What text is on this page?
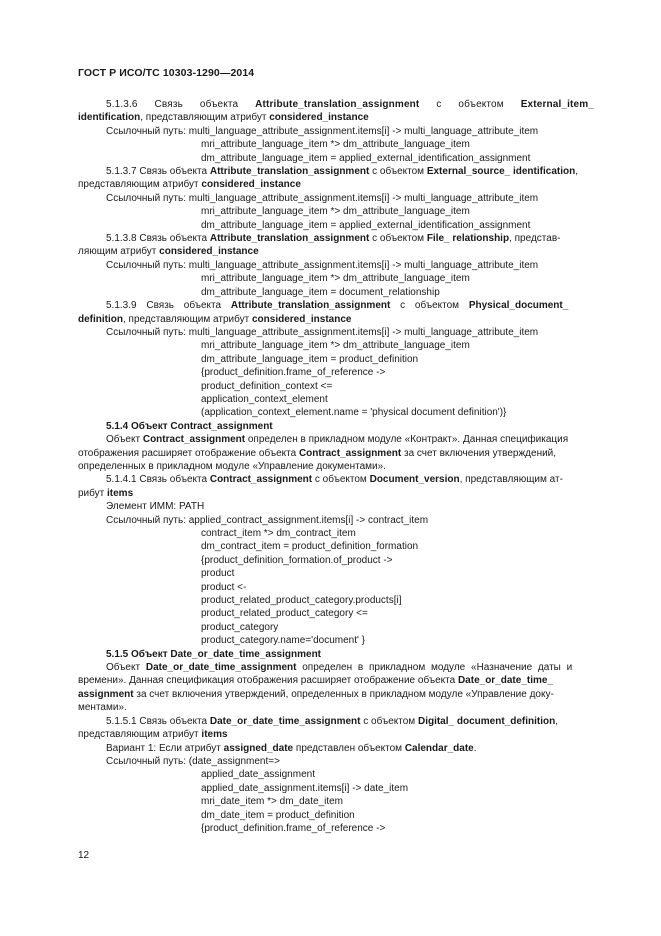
ГОСТ Р ИСО/ТС 10303-1290—2014
5.1.3.6 Связь объекта Attribute_translation_assignment с объектом External_item_
identification, представляющим атрибут considered_instance
Ссылочный путь: multi_language_attribute_assignment.items[i] -> multi_language_attribute_item
mri_attribute_language_item *> dm_attribute_language_item
dm_attribute_language_item = applied_external_identification_assignment
5.1.3.7 Связь объекта Attribute_translation_assignment с объектом External_source_ identification,
представляющим атрибут considered_instance
Ссылочный путь: multi_language_attribute_assignment.items[i] -> multi_language_attribute_item
mri_attribute_language_item *> dm_attribute_language_item
dm_attribute_language_item = applied_external_identification_assignment
5.1.3.8 Связь объекта Attribute_translation_assignment с объектом File_ relationship, представ-
ляющим атрибут considered_instance
Ссылочный путь: multi_language_attribute_assignment.items[i] -> multi_language_attribute_item
mri_attribute_language_item *> dm_attribute_language_item
dm_attribute_language_item = document_relationship
5.1.3.9 Связь объекта Attribute_translation_assignment с объектом Physical_document_
definition, представляющим атрибут considered_instance
Ссылочный путь: multi_language_attribute_assignment.items[i] -> multi_language_attribute_item
mri_attribute_language_item *> dm_attribute_language_item
dm_attribute_language_item = product_definition
{product_definition.frame_of_reference ->
product_definition_context <=
application_context_element
(application_context_element.name = 'physical document definition')}
5.1.4 Объект Contract_assignment
Объект Contract_assignment определен в прикладном модуле «Контракт». Данная спецификация
отображения расширяет отображение объекта Contract_assignment за счет включения утверждений,
определенных в прикладном модуле «Управление документами».
5.1.4.1 Связь объекта Contract_assignment с объектом Document_version, представляющим ат-
рибут items
Элемент ИММ: PATH
Ссылочный путь: applied_contract_assignment.items[i] -> contract_item
contract_item *> dm_contract_item
dm_contract_item = product_definition_formation
{product_definition_formation.of_product ->
product
product <-
product_related_product_category.products[i]
product_related_product_category <=
product_category
product_category.name='document' }
5.1.5 Объект Date_or_date_time_assignment
Объект Date_or_date_time_assignment определен в прикладном модуле «Назначение даты и
времени». Данная спецификация отображения расширяет отображение объекта Date_or_date_time_
assignment за счет включения утверждений, определенных в прикладном модуле «Управление доку-
ментами».
5.1.5.1 Связь объекта Date_or_date_time_assignment с объектом Digital_ document_definition,
представляющим атрибут items
Вариант 1: Если атрибут assigned_date представлен объектом Calendar_date.
Ссылочный путь: (date_assignment=>
applied_date_assignment
applied_date_assignment.items[i] -> date_item
mri_date_item *> dm_date_item
dm_date_item = product_definition
{product_definition.frame_of_reference ->
12
